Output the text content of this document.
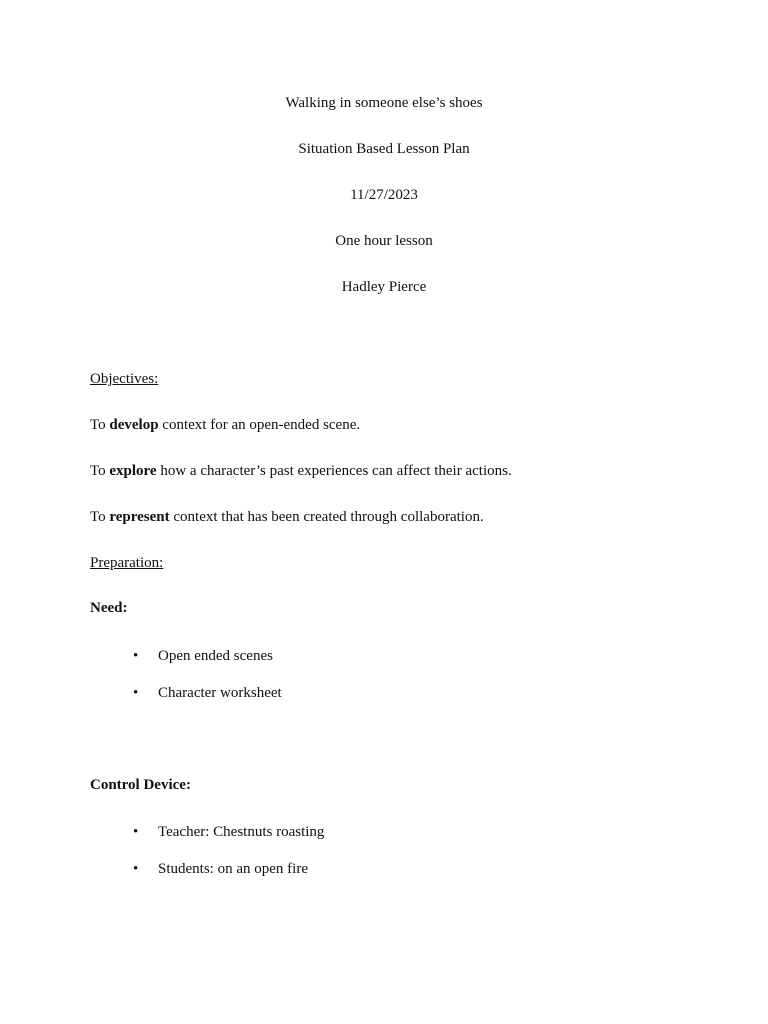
Walking in someone else’s shoes
Situation Based Lesson Plan
11/27/2023
One hour lesson
Hadley Pierce
Objectives:
To develop context for an open-ended scene.
To explore how a character’s past experiences can affect their actions.
To represent context that has been created through collaboration.
Preparation:
Need:
• Open ended scenes
• Character worksheet
Control Device:
• Teacher: Chestnuts roasting
• Students: on an open fire
